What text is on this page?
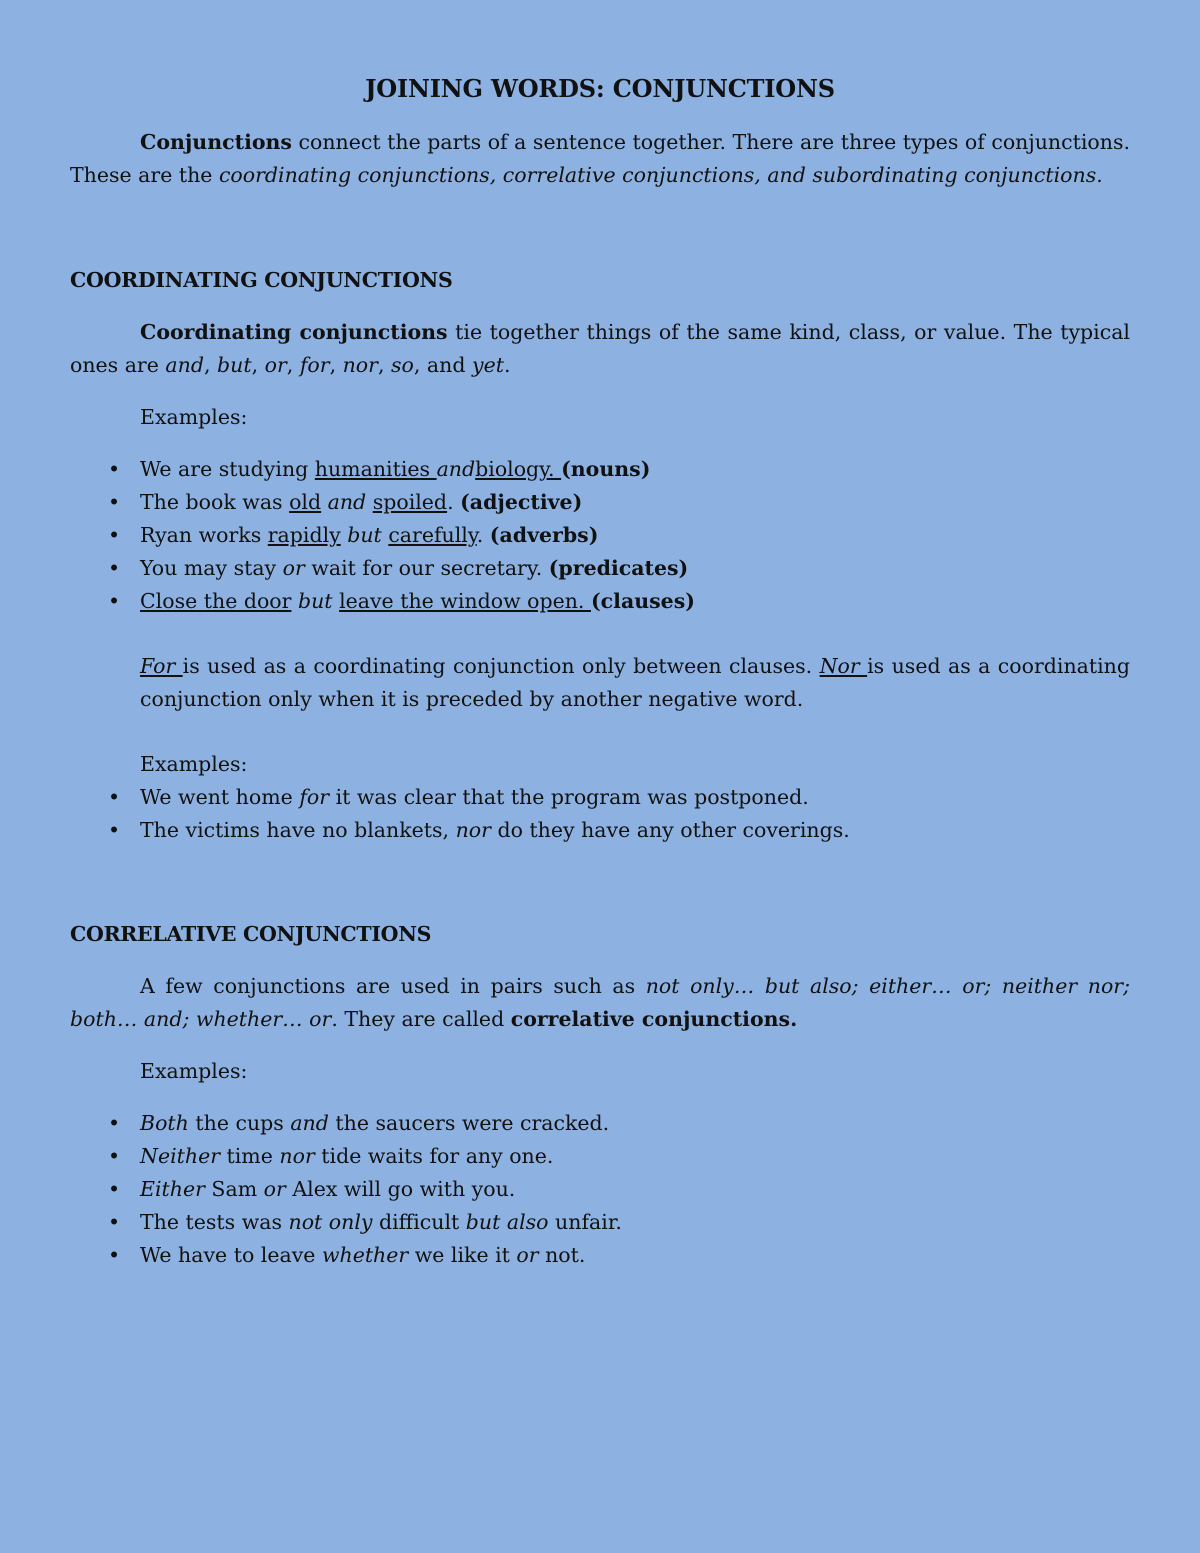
JOINING WORDS: CONJUNCTIONS

Conjunctions connect the parts of a sentence together. There are three types of conjunctions. These are the coordinating conjunctions, correlative conjunctions, and subordinating conjunctions.

COORDINATING CONJUNCTIONS

Coordinating conjunctions tie together things of the same kind, class, or value. The typical ones are and, but, or, for, nor, so, and yet.

Examples:

• We are studying humanities andbiology. (nouns)
• The book was old and spoiled. (adjective)
• Ryan works rapidly but carefully. (adverbs)
• You may stay or wait for our secretary. (predicates)
• Close the door but leave the window open. (clauses)

For is used as a coordinating conjunction only between clauses. Nor is used as a coordinating conjunction only when it is preceded by another negative word.

Examples:

• We went home for it was clear that the program was postponed.
• The victims have no blankets, nor do they have any other coverings.
CORRELATIVE CONJUNCTIONS

A few conjunctions are used in pairs such as not only… but also; either… or; neither nor; both… and; whether… or. They are called correlative conjunctions.

Examples:

• Both the cups and the saucers were cracked.
• Neither time nor tide waits for any one.
• Either Sam or Alex will go with you.
• The tests was not only difficult but also unfair.
• We have to leave whether we like it or not.
